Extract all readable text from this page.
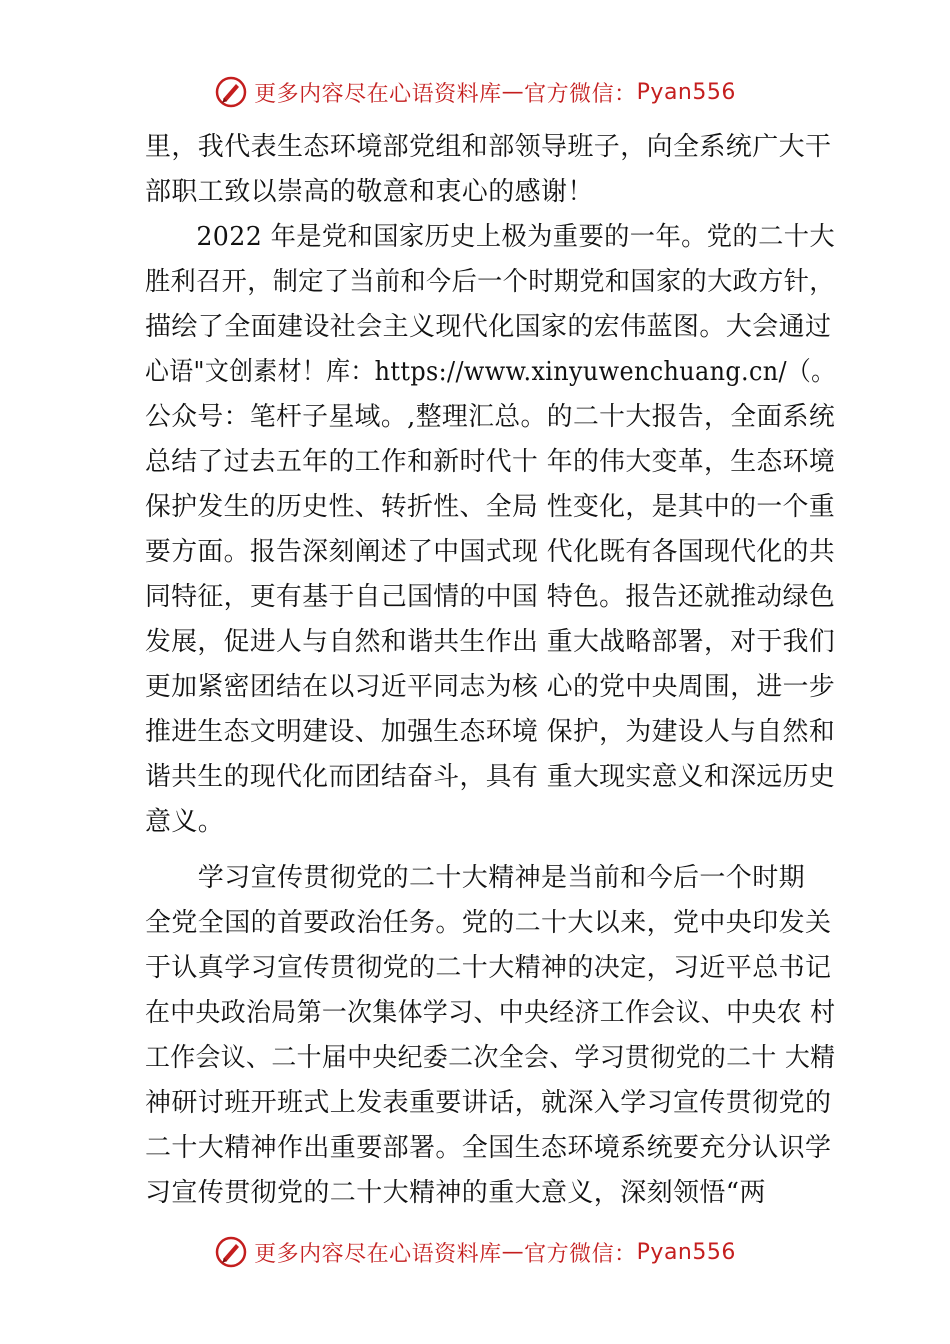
更多内容尽在心语资料库 — 官方微信： Pyan556
里，我代表生态环境部党组和部领导班子，向全系统广大干
部职工致以崇高的敬意和衷心的感谢！
　　2022 年是党和国家历史上极为重要的一年。党的二十大
胜利召开，制定了当前和今后一个时期党和国家的大政方针，
描绘了全面建设社会主义现代化国家的宏伟蓝图。大会通过
心语"文创素材！库：https://www.xinyuwenchuang.cn/（。
公众号：笔杆子星域。,整理汇总。的二十大报告，全面系统
总结了过去五年的工作和新时代十 年的伟大变革，生态环境
保护发生的历史性、转折性、全局 性变化，是其中的一个重
要方面。报告深刻阐述了中国式现 代化既有各国现代化的共
同特征，更有基于自己国情的中国 特色。报告还就推动绿色
发展，促进人与自然和谐共生作出 重大战略部署，对于我们
更加紧密团结在以习近平同志为核 心的党中央周围，进一步
推进生态文明建设、加强生态环境 保护，为建设人与自然和
谐共生的现代化而团结奋斗，具有 重大现实意义和深远历史
意义。
　　学习宣传贯彻党的二十大精神是当前和今后一个时期
全党全国的首要政治任务。党的二十大以来，党中央印发关
于认真学习宣传贯彻党的二十大精神的决定，习近平总书记
在中央政治局第一次集体学习、中央经济工作会议、中央农 村
工作会议、二十届中央纪委二次全会、学习贯彻党的二十 大精
神研讨班开班式上发表重要讲话，就深入学习宣传贯彻党的
二十大精神作出重要部署。全国生态环境系统要充分认识学
习宣传贯彻党的二十大精神的重大意义，深刻领悟“两
更多内容尽在心语资料库 — 官方微信： Pyan556
